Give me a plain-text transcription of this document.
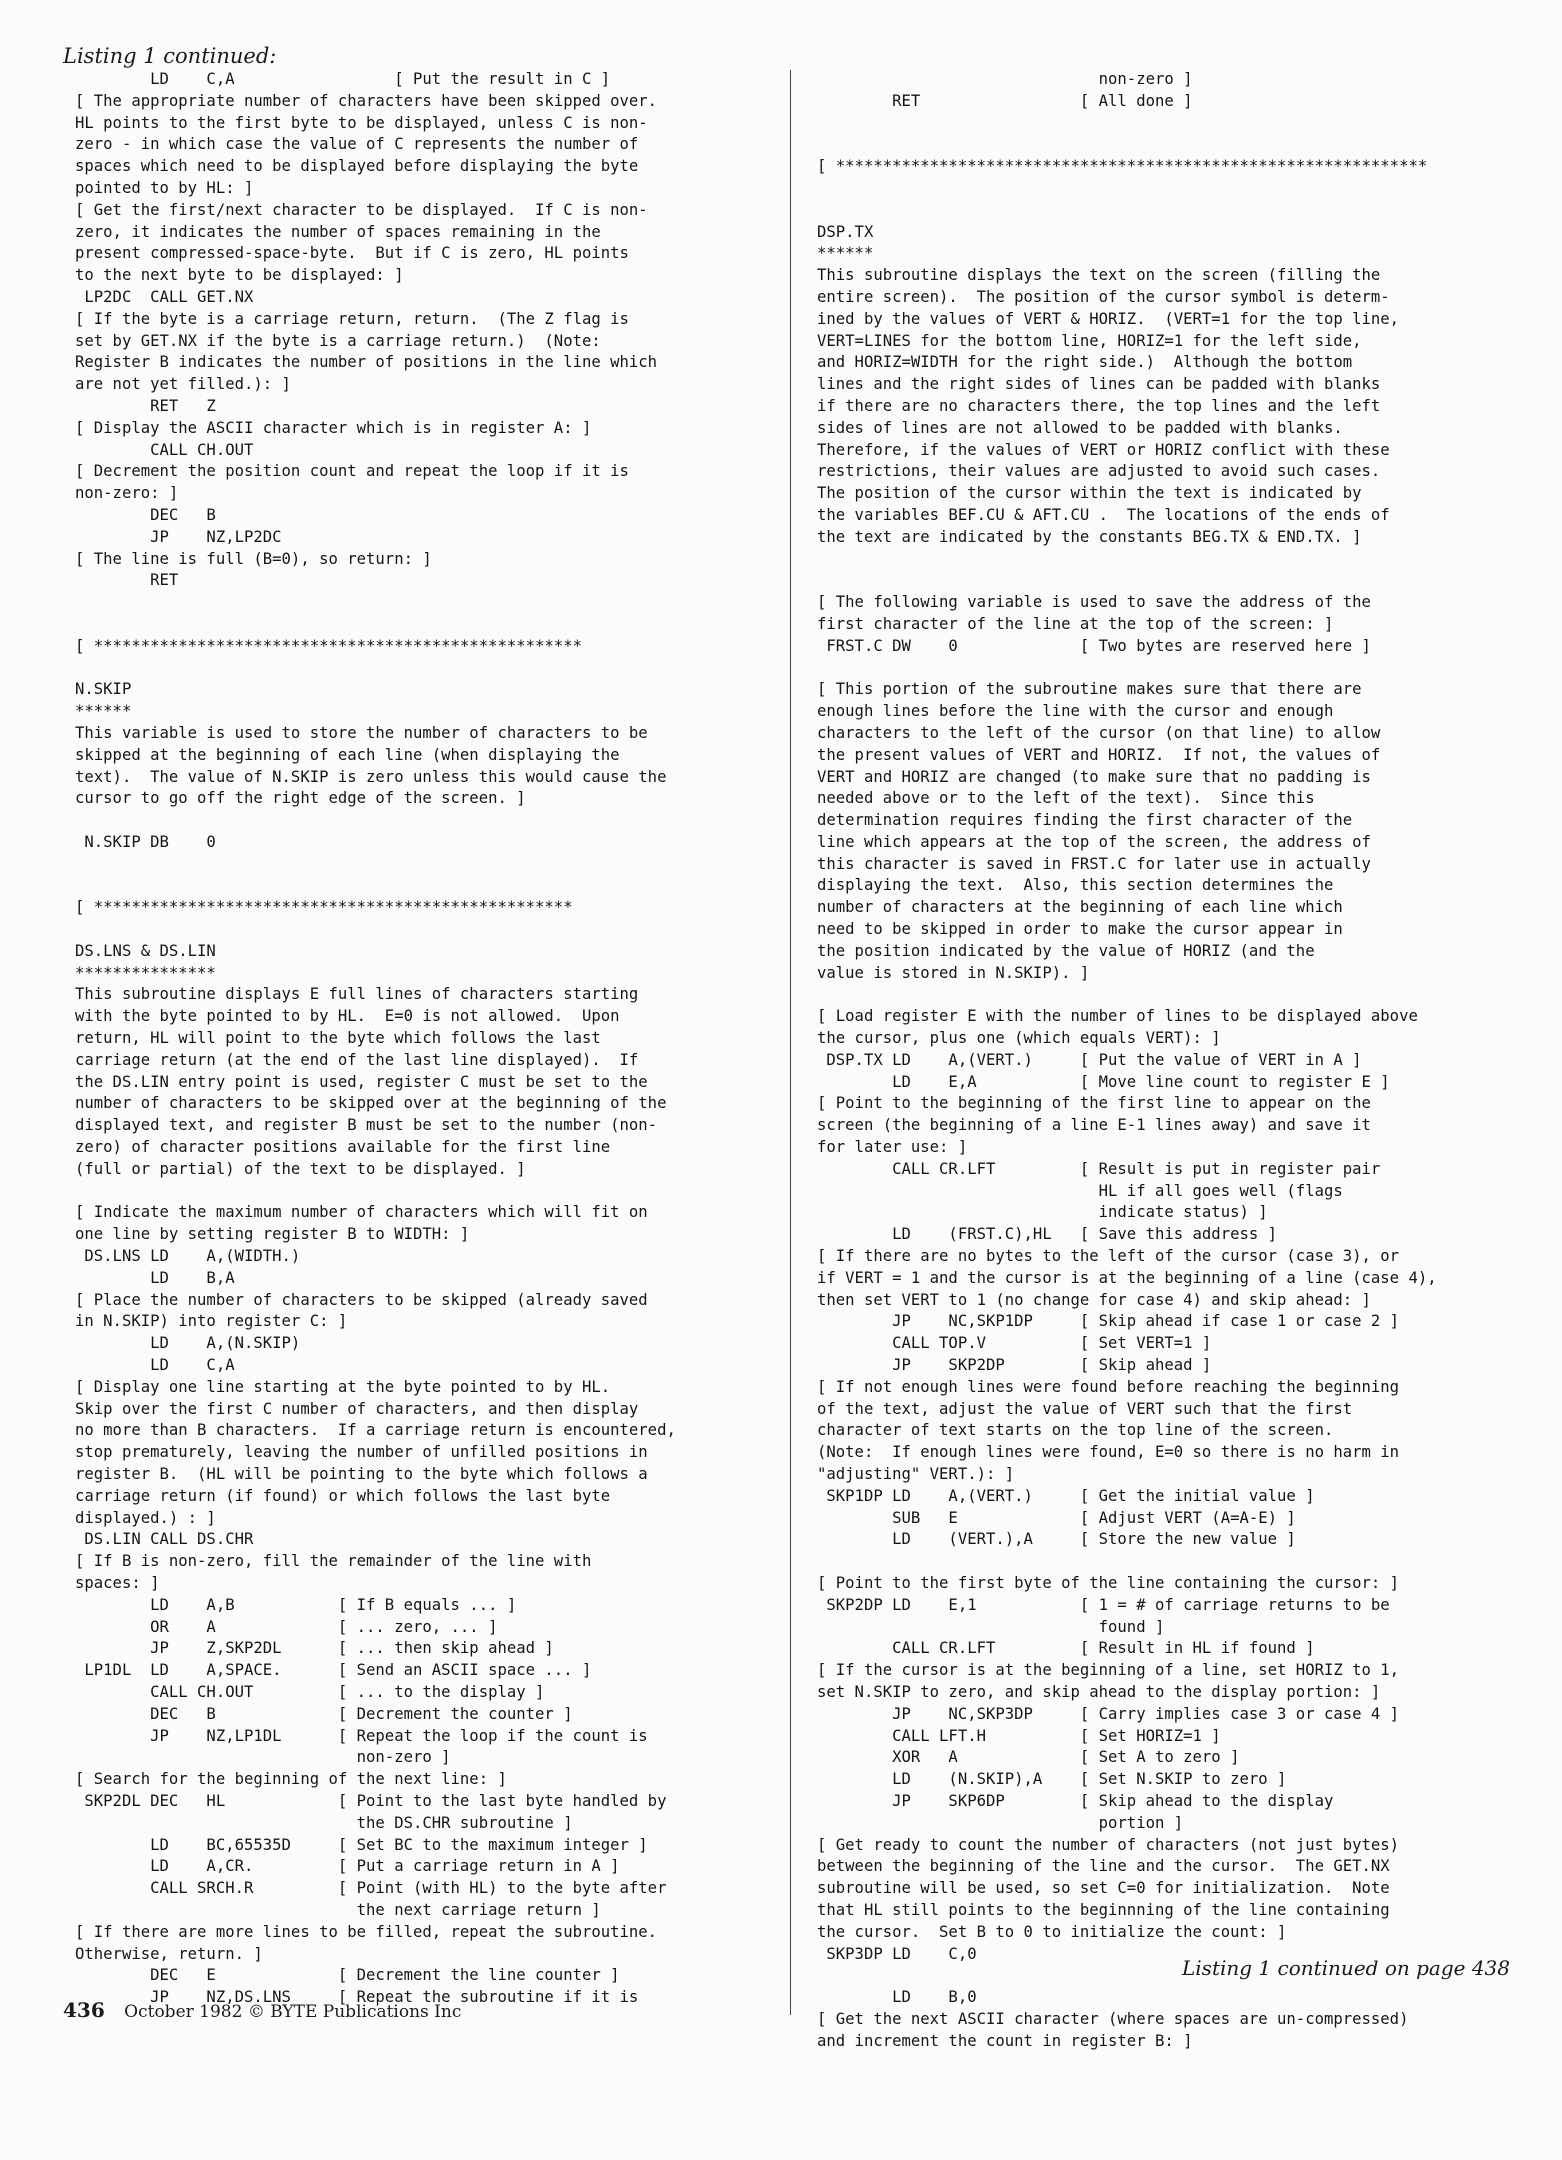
Listing 1 continued:
LD    C,A                 [ Put the result in C ]
[ The appropriate number of characters have been skipped over.
HL points to the first byte to be displayed, unless C is non-
zero - in which case the value of C represents the number of
spaces which need to be displayed before displaying the byte
pointed to by HL: ]
[ Get the first/next character to be displayed.  If C is non-
zero, it indicates the number of spaces remaining in the
present compressed-space-byte.  But if C is zero, HL points
to the next byte to be displayed: ]
LP2DC  CALL GET.NX
[ If the byte is a carriage return, return.  (The Z flag is
set by GET.NX if the byte is a carriage return.)  (Note:
Register B indicates the number of positions in the line which
are not yet filled.): ]
RET   Z
[ Display the ASCII character which is in register A: ]
CALL CH.OUT
[ Decrement the position count and repeat the loop if it is
non-zero: ]
DEC   B
JP    NZ,LP2DC
[ The line is full (B=0), so return: ]
RET
[ ****************************************************
N.SKIP
******
This variable is used to store the number of characters to be
skipped at the beginning of each line (when displaying the
text).  The value of N.SKIP is zero unless this would cause the
cursor to go off the right edge of the screen. ]
N.SKIP DB    0
[ ***************************************************
DS.LNS & DS.LIN
***************
This subroutine displays E full lines of characters starting
with the byte pointed to by HL.  E=0 is not allowed.  Upon
return, HL will point to the byte which follows the last
carriage return (at the end of the last line displayed).  If
the DS.LIN entry point is used, register C must be set to the
number of characters to be skipped over at the beginning of the
displayed text, and register B must be set to the number (non-
zero) of character positions available for the first line
(full or partial) of the text to be displayed. ]
[ Indicate the maximum number of characters which will fit on
one line by setting register B to WIDTH: ]
DS.LNS LD    A,(WIDTH.)
LD    B,A
[ Place the number of characters to be skipped (already saved
in N.SKIP) into register C: ]
LD    A,(N.SKIP)
LD    C,A
[ Display one line starting at the byte pointed to by HL.
Skip over the first C number of characters, and then display
no more than B characters.  If a carriage return is encountered,
stop prematurely, leaving the number of unfilled positions in
register B.  (HL will be pointing to the byte which follows a
carriage return (if found) or which follows the last byte
displayed.) : ]
DS.LIN CALL DS.CHR
[ If B is non-zero, fill the remainder of the line with
spaces: ]
LD    A,B           [ If B equals ... ]
OR    A             [ ... zero, ... ]
JP    Z,SKP2DL      [ ... then skip ahead ]
LP1DL  LD    A,SPACE.      [ Send an ASCII space ... ]
CALL CH.OUT         [ ... to the display ]
DEC   B             [ Decrement the counter ]
JP    NZ,LP1DL      [ Repeat the loop if the count is
non-zero ]
[ Search for the beginning of the next line: ]
SKP2DL DEC   HL            [ Point to the last byte handled by
the DS.CHR subroutine ]
LD    BC,65535D     [ Set BC to the maximum integer ]
LD    A,CR.         [ Put a carriage return in A ]
CALL SRCH.R         [ Point (with HL) to the byte after
the next carriage return ]
[ If there are more lines to be filled, repeat the subroutine.
Otherwise, return. ]
DEC   E             [ Decrement the line counter ]
JP    NZ,DS.LNS     [ Repeat the subroutine if it is
non-zero ]
RET                 [ All done ]
[ ***************************************************************
DSP.TX
******
This subroutine displays the text on the screen (filling the
entire screen).  The position of the cursor symbol is determ-
ined by the values of VERT & HORIZ.  (VERT=1 for the top line,
VERT=LINES for the bottom line, HORIZ=1 for the left side,
and HORIZ=WIDTH for the right side.)  Although the bottom
lines and the right sides of lines can be padded with blanks
if there are no characters there, the top lines and the left
sides of lines are not allowed to be padded with blanks.
Therefore, if the values of VERT or HORIZ conflict with these
restrictions, their values are adjusted to avoid such cases.
The position of the cursor within the text is indicated by
the variables BEF.CU & AFT.CU .  The locations of the ends of
the text are indicated by the constants BEG.TX & END.TX. ]
[ The following variable is used to save the address of the
first character of the line at the top of the screen: ]
FRST.C DW    0             [ Two bytes are reserved here ]
[ This portion of the subroutine makes sure that there are
enough lines before the line with the cursor and enough
characters to the left of the cursor (on that line) to allow
the present values of VERT and HORIZ.  If not, the values of
VERT and HORIZ are changed (to make sure that no padding is
needed above or to the left of the text).  Since this
determination requires finding the first character of the
line which appears at the top of the screen, the address of
this character is saved in FRST.C for later use in actually
displaying the text.  Also, this section determines the
number of characters at the beginning of each line which
need to be skipped in order to make the cursor appear in
the position indicated by the value of HORIZ (and the
value is stored in N.SKIP). ]
[ Load register E with the number of lines to be displayed above
the cursor, plus one (which equals VERT): ]
DSP.TX LD    A,(VERT.)     [ Put the value of VERT in A ]
LD    E,A           [ Move line count to register E ]
[ Point to the beginning of the first line to appear on the
screen (the beginning of a line E-1 lines away) and save it
for later use: ]
CALL CR.LFT         [ Result is put in register pair
HL if all goes well (flags
indicate status) ]
LD    (FRST.C),HL   [ Save this address ]
[ If there are no bytes to the left of the cursor (case 3), or
if VERT = 1 and the cursor is at the beginning of a line (case 4),
then set VERT to 1 (no change for case 4) and skip ahead: ]
JP    NC,SKP1DP     [ Skip ahead if case 1 or case 2 ]
CALL TOP.V          [ Set VERT=1 ]
JP    SKP2DP        [ Skip ahead ]
[ If not enough lines were found before reaching the beginning
of the text, adjust the value of VERT such that the first
character of text starts on the top line of the screen.
(Note:  If enough lines were found, E=0 so there is no harm in
"adjusting" VERT.): ]
SKP1DP LD    A,(VERT.)     [ Get the initial value ]
SUB   E             [ Adjust VERT (A=A-E) ]
LD    (VERT.),A     [ Store the new value ]
[ Point to the first byte of the line containing the cursor: ]
SKP2DP LD    E,1           [ 1 = # of carriage returns to be
found ]
CALL CR.LFT         [ Result in HL if found ]
[ If the cursor is at the beginning of a line, set HORIZ to 1,
set N.SKIP to zero, and skip ahead to the display portion: ]
JP    NC,SKP3DP     [ Carry implies case 3 or case 4 ]
CALL LFT.H          [ Set HORIZ=1 ]
XOR   A             [ Set A to zero ]
LD    (N.SKIP),A    [ Set N.SKIP to zero ]
JP    SKP6DP        [ Skip ahead to the display
portion ]
[ Get ready to count the number of characters (not just bytes)
between the beginning of the line and the cursor.  The GET.NX
subroutine will be used, so set C=0 for initialization.  Note
that HL still points to the beginnning of the line containing
the cursor.  Set B to 0 to initialize the count: ]
SKP3DP LD    C,0
LD    B,0
[ Get the next ASCII character (where spaces are un-compressed)
and increment the count in register B: ]
Listing 1 continued on page 438
436 October 1982 © BYTE Publications Inc
